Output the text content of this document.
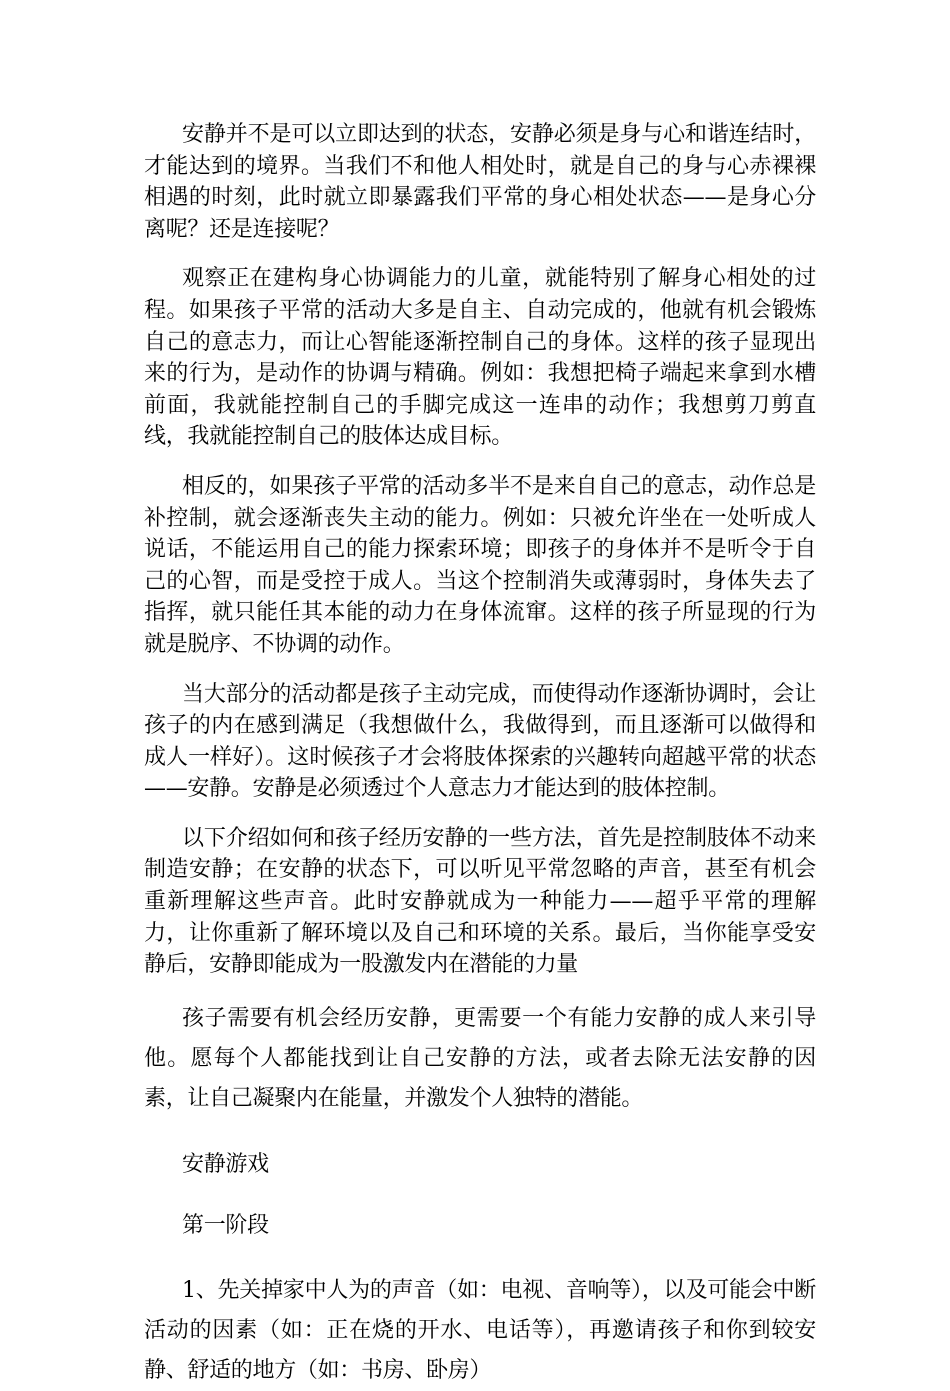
安静并不是可以立即达到的状态，安静必须是身与心和谐连结时，才能达到的境界。当我们不和他人相处时，就是自己的身与心赤裸裸相遇的时刻，此时就立即暴露我们平常的身心相处状态——是身心分离呢？还是连接呢？

观察正在建构身心协调能力的儿童，就能特别了解身心相处的过程。如果孩子平常的活动大多是自主、自动完成的，他就有机会锻炼自己的意志力，而让心智能逐渐控制自己的身体。这样的孩子显现出来的行为，是动作的协调与精确。例如：我想把椅子端起来拿到水槽前面，我就能控制自己的手脚完成这一连串的动作；我想剪刀剪直线，我就能控制自己的肢体达成目标。

相反的，如果孩子平常的活动多半不是来自自己的意志，动作总是补控制，就会逐渐丧失主动的能力。例如：只被允许坐在一处听成人说话，不能运用自己的能力探索环境；即孩子的身体并不是听令于自己的心智，而是受控于成人。当这个控制消失或薄弱时，身体失去了指挥，就只能任其本能的动力在身体流窜。这样的孩子所显现的行为就是脱序、不协调的动作。

当大部分的活动都是孩子主动完成，而使得动作逐渐协调时，会让孩子的内在感到满足（我想做什么，我做得到，而且逐渐可以做得和成人一样好）。这时候孩子才会将肢体探索的兴趣转向超越平常的状态——安静。安静是必须透过个人意志力才能达到的肢体控制。

以下介绍如何和孩子经历安静的一些方法，首先是控制肢体不动来制造安静；在安静的状态下，可以听见平常忽略的声音，甚至有机会重新理解这些声音。此时安静就成为一种能力——超乎平常的理解力，让你重新了解环境以及自己和环境的关系。最后，当你能享受安静后，安静即能成为一股激发内在潜能的力量

孩子需要有机会经历安静，更需要一个有能力安静的成人来引导他。愿每个人都能找到让自己安静的方法，或者去除无法安静的因素，让自己凝聚内在能量，并激发个人独特的潜能。

安静游戏
第一阶段

1、先关掉家中人为的声音（如：电视、音响等），以及可能会中断活动的因素（如：正在烧的开水、电话等），再邀请孩子和你到较安静、舒适的地方（如：书房、卧房）
